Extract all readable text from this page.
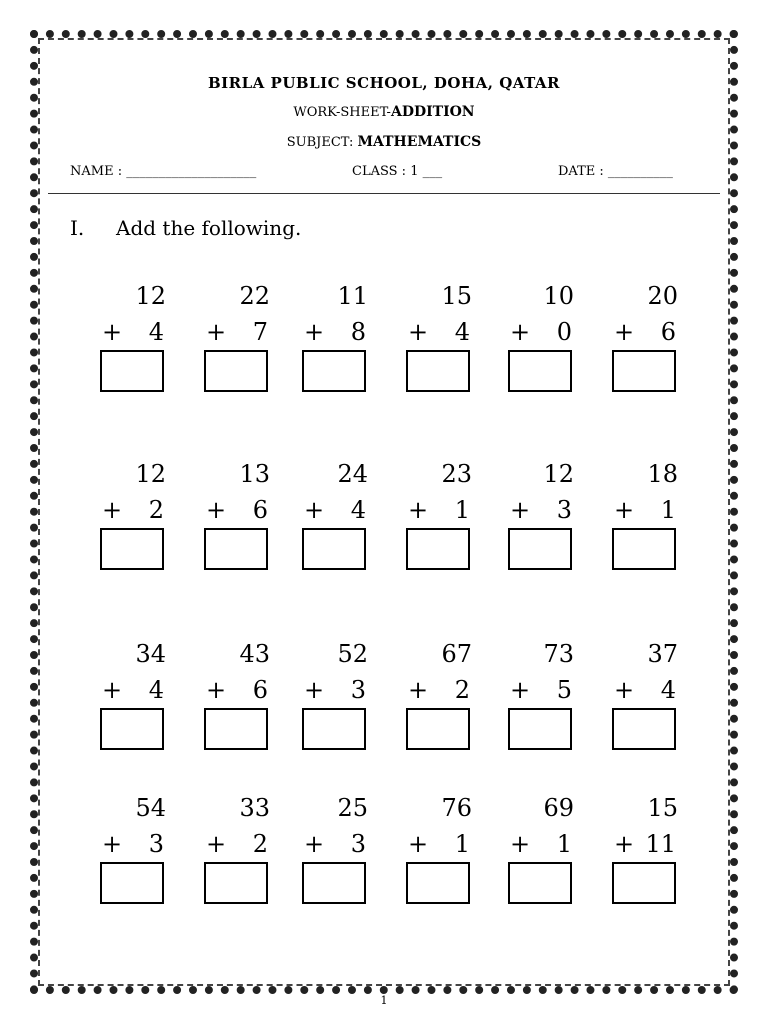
BIRLA PUBLIC SCHOOL, DOHA, QATAR
WORK-SHEET-ADDITION
SUBJECT: MATHEMATICS
NAME : ____________________	CLASS : 1 ___	DATE : __________
I. Add the following.
12
+ 4
22
+ 7
11
+ 8
15
+ 4
10
+ 0
20
+ 6
12
+ 2
13
+ 6
24
+ 4
23
+ 1
12
+ 3
18
+ 1
34
+ 4
43
+ 6
52
+ 3
67
+ 2
73
+ 5
37
+ 4
54
+ 3
33
+ 2
25
+ 3
76
+ 1
69
+ 1
15
+ 11
1
